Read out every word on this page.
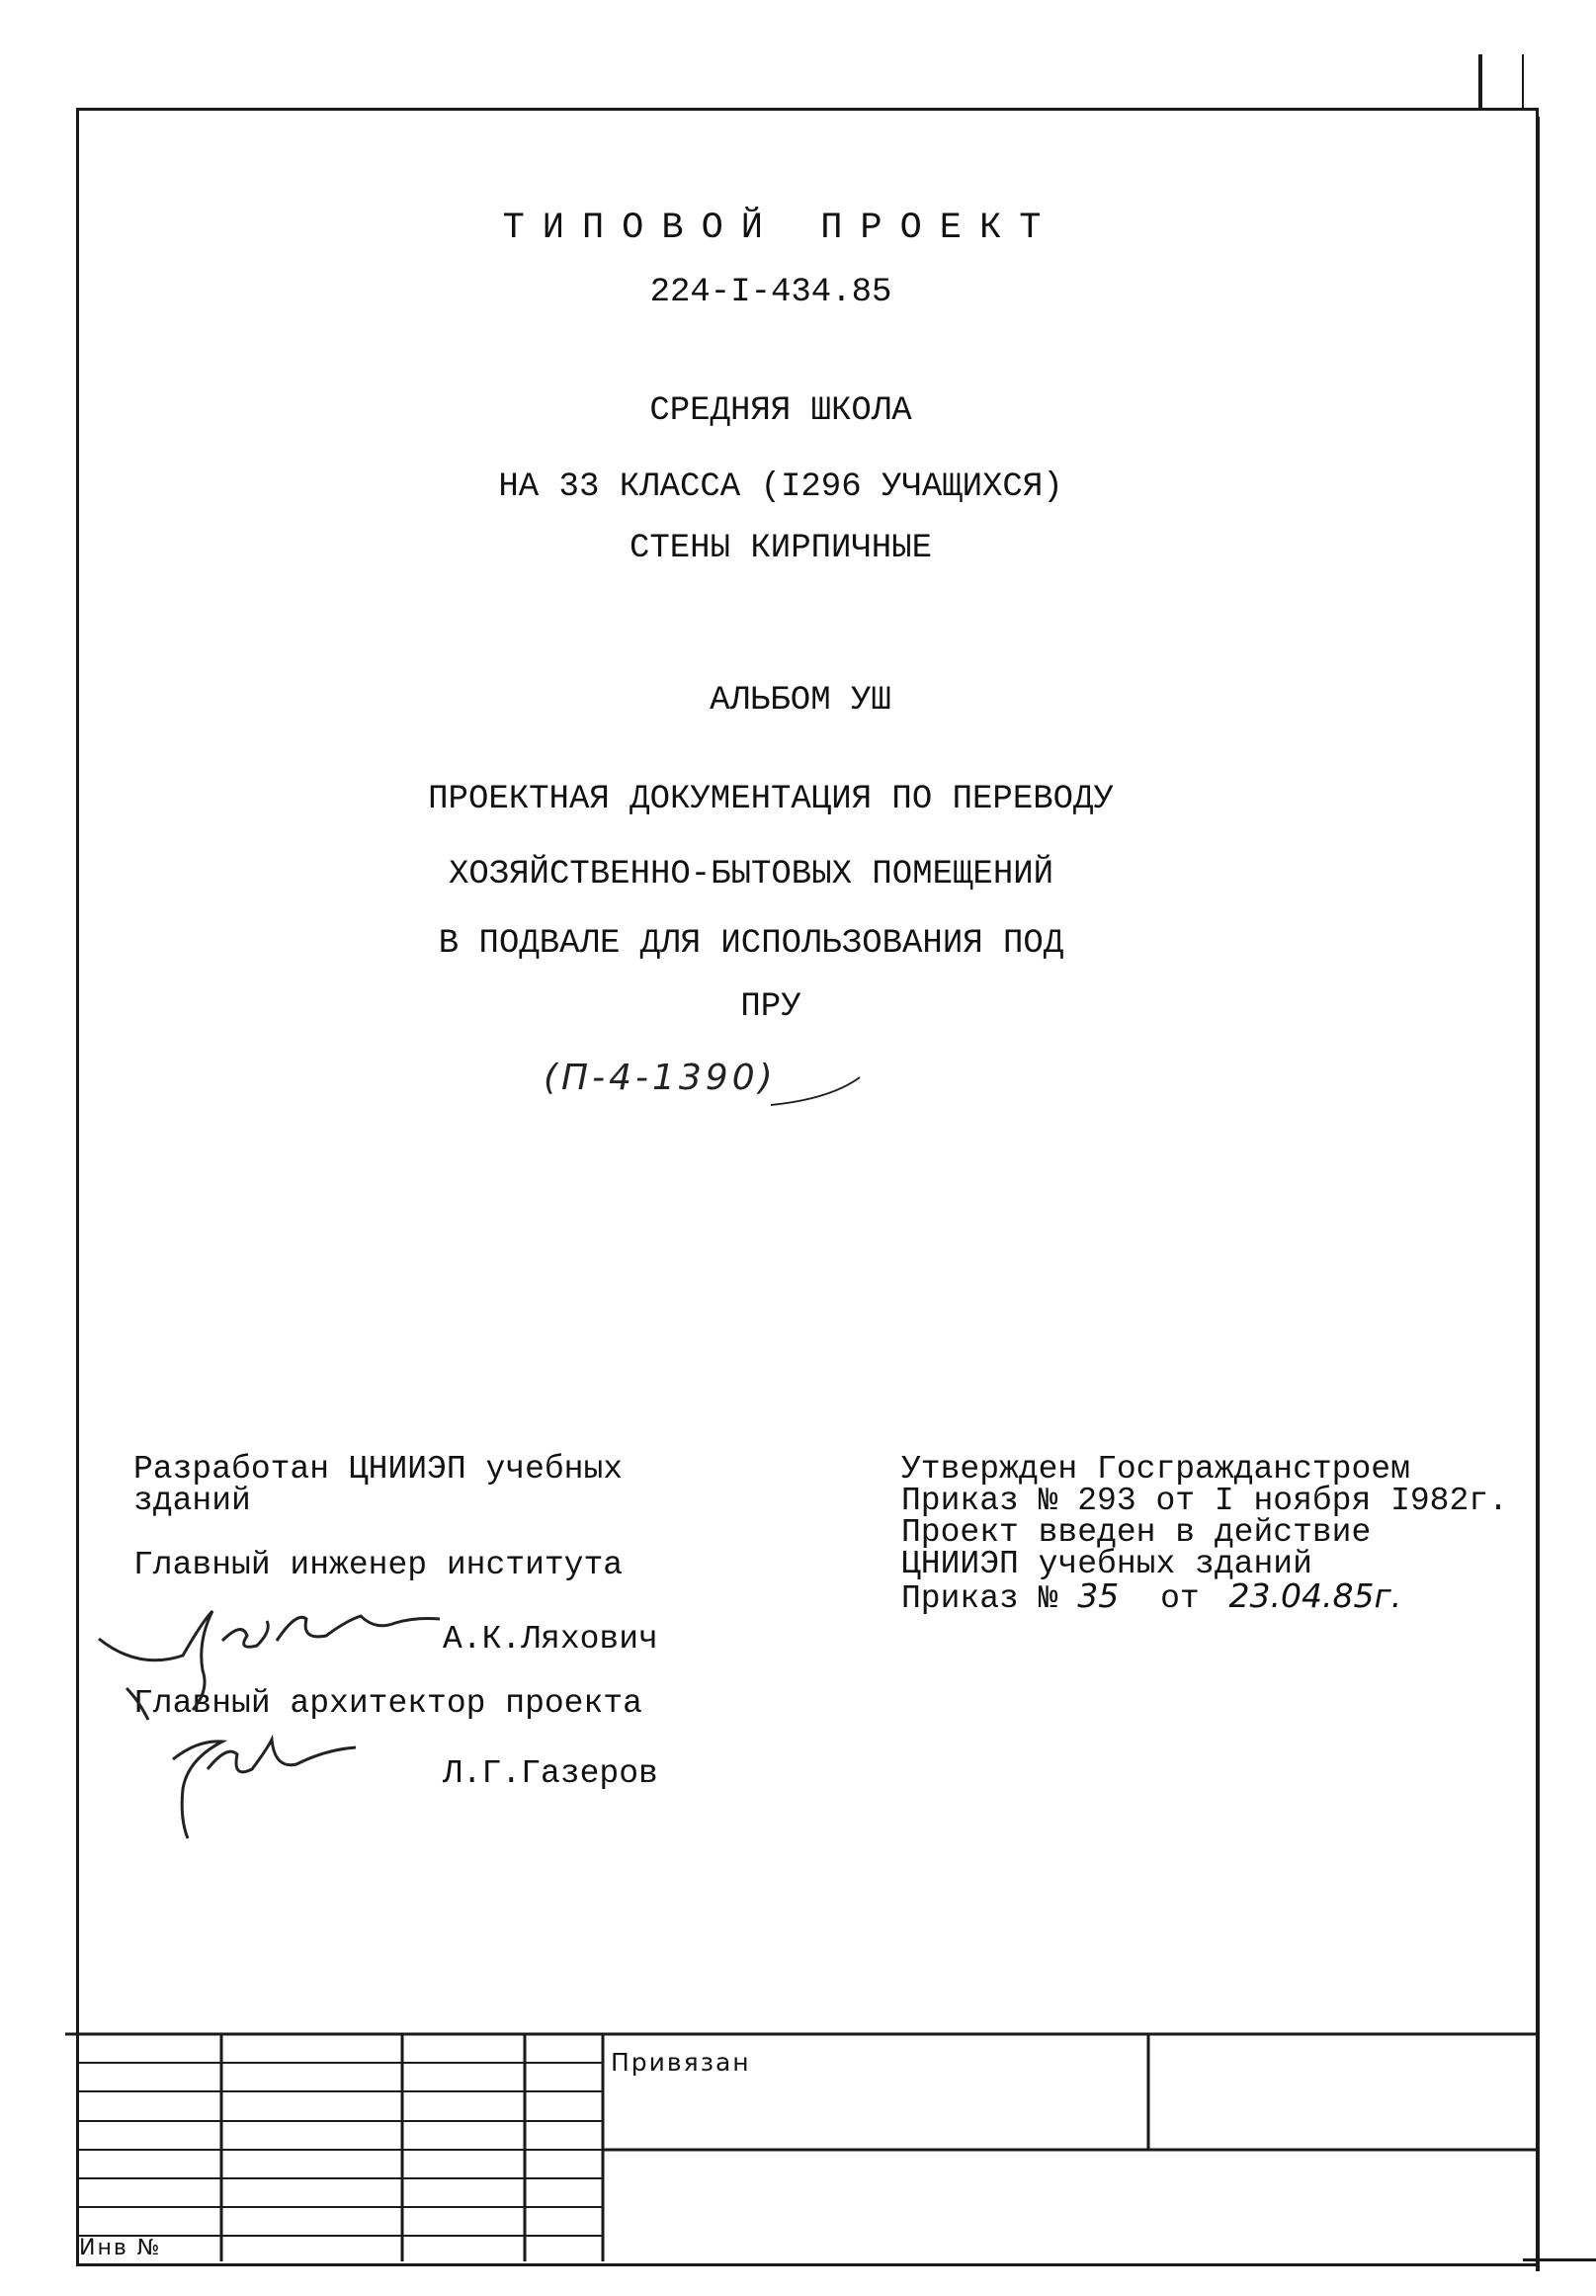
ТИПОВОЙ ПРОЕКТ
224-I-434.85
СРЕДНЯЯ ШКОЛА
НА 33 КЛАССА (I296 УЧАЩИХСЯ)
СТЕНЫ КИРПИЧНЫЕ
АЛЬБОМ УШ
ПРОЕКТНАЯ ДОКУМЕНТАЦИЯ ПО ПЕРЕВОДУ
ХОЗЯЙСТВЕННО-БЫТОВЫХ ПОМЕЩЕНИЙ
В ПОДВАЛЕ ДЛЯ ИСПОЛЬЗОВАНИЯ ПОД
ПРУ
(П-4-1390)
Разработан ЦНИИЭП учебных
зданий
Главный инженер института
А.К.Ляхович
Главный архитектор проекта
Л.Г.Газеров
Утвержден Госгражданстроем
Приказ № 293 от I ноября I982г.
Проект введен в действие
ЦНИИЭП учебных зданий
Приказ № 35 от 23.04.85г.
Привязан
Инв №
